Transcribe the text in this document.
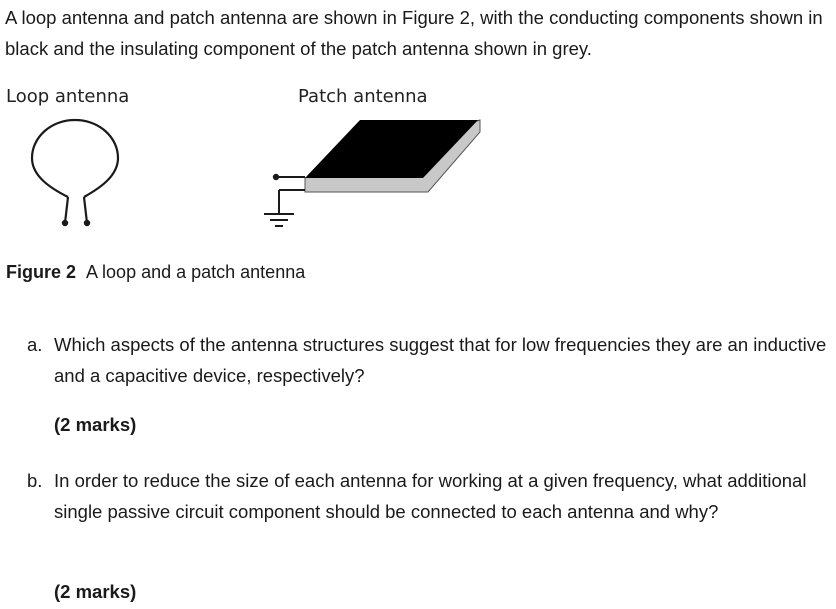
A loop antenna and patch antenna are shown in Figure 2, with the conducting components shown in black and the insulating component of the patch antenna shown in grey.

Loop antenna	Patch antenna

Figure 2 A loop and a patch antenna

a. Which aspects of the antenna structures suggest that for low frequencies they are an inductive and a capacitive device, respectively?

(2 marks)
b. In order to reduce the size of each antenna for working at a given frequency, what additional single passive circuit component should be connected to each antenna and why?

(2 marks)
